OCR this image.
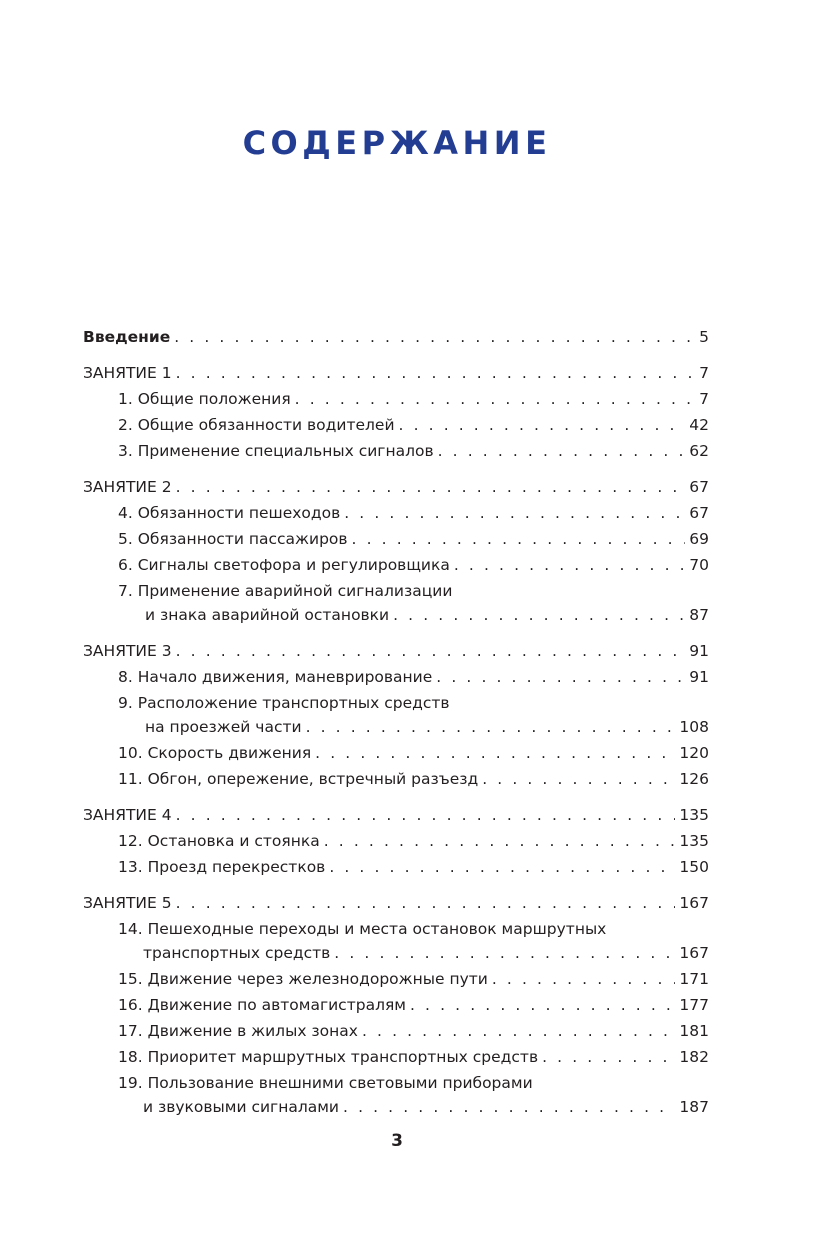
СОДЕРЖАНИЕ
Введение . . .	5
ЗАНЯТИЕ 1 . . .	7
1. Общие положения . . .	7
2. Общие обязанности водителей . . .	42
3. Применение специальных сигналов . . .	62
ЗАНЯТИЕ 2 . . .	67
4. Обязанности пешеходов . . .	67
5. Обязанности пассажиров . . .	69
6. Сигналы светофора и регулировщика . . .	70
7.
Применение аварийной сигнализации
и знака аварийной остановки . . .	87
ЗАНЯТИЕ 3 . . .	91
8. Начало движения, маневрирование . . .	91
9.
Расположение транспортных средств
на проезжей части . . .	108
10. Скорость движения . . .	120
11. Обгон, опережение, встречный разъезд . . .	126
ЗАНЯТИЕ 4 . . .	135
12. Остановка и стоянка . . .	135
13. Проезд перекрестков . . .	150
ЗАНЯТИЕ 5 . . .	167
14.
Пешеходные переходы и места остановок маршрутных
транспортных средств . . .	167
15. Движение через железнодорожные пути . . .	171
16. Движение по автомагистралям . . .	177
17. Движение в жилых зонах . . .	181
18. Приоритет маршрутных транспортных средств . . .	182
19.
Пользование внешними световыми приборами
и звуковыми сигналами . . .	187
3
